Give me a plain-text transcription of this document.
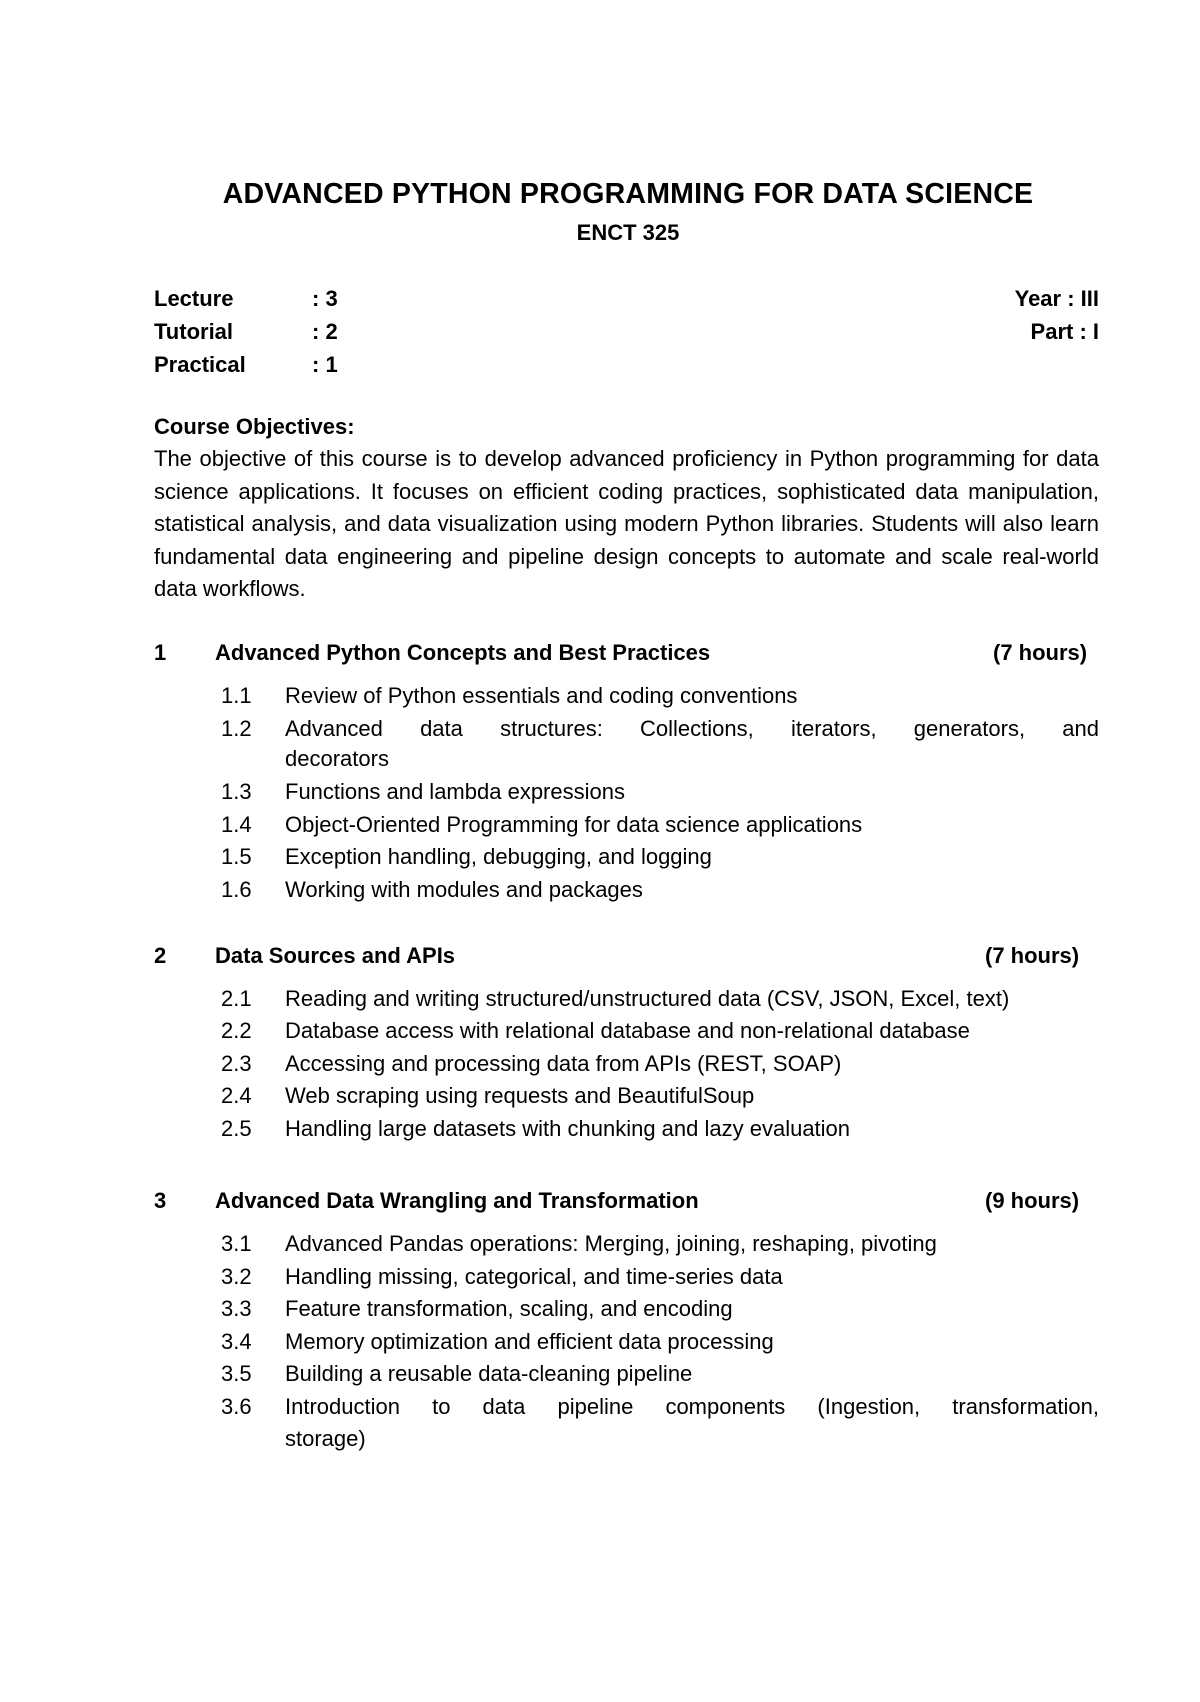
ADVANCED PYTHON PROGRAMMING FOR DATA SCIENCE
ENCT 325
Lecture	: 3
Tutorial	: 2
Practical	: 1
Year : III
Part : I
Course Objectives:
The objective of this course is to develop advanced proficiency in Python programming for data science applications. It focuses on efficient coding practices, sophisticated data manipulation, statistical analysis, and data visualization using modern Python libraries. Students will also learn fundamental data engineering and pipeline design concepts to automate and scale real-world data workflows.
1 Advanced Python Concepts and Best Practices	(7 hours)
1.1 Review of Python essentials and coding conventions
1.2 Advanced data structures: Collections, iterators, generators, and
decorators
1.3 Functions and lambda expressions
1.4 Object-Oriented Programming for data science applications
1.5 Exception handling, debugging, and logging
1.6 Working with modules and packages
2 Data Sources and APIs	(7 hours)
2.1 Reading and writing structured/unstructured data (CSV, JSON, Excel, text)
2.2 Database access with relational database and non-relational database
2.3 Accessing and processing data from APIs (REST, SOAP)
2.4 Web scraping using requests and BeautifulSoup
2.5 Handling large datasets with chunking and lazy evaluation
3 Advanced Data Wrangling and Transformation	(9 hours)
3.1 Advanced Pandas operations: Merging, joining, reshaping, pivoting
3.2 Handling missing, categorical, and time-series data
3.3 Feature transformation, scaling, and encoding
3.4 Memory optimization and efficient data processing
3.5 Building a reusable data-cleaning pipeline
3.6 Introduction to data pipeline components (Ingestion, transformation,
storage)
